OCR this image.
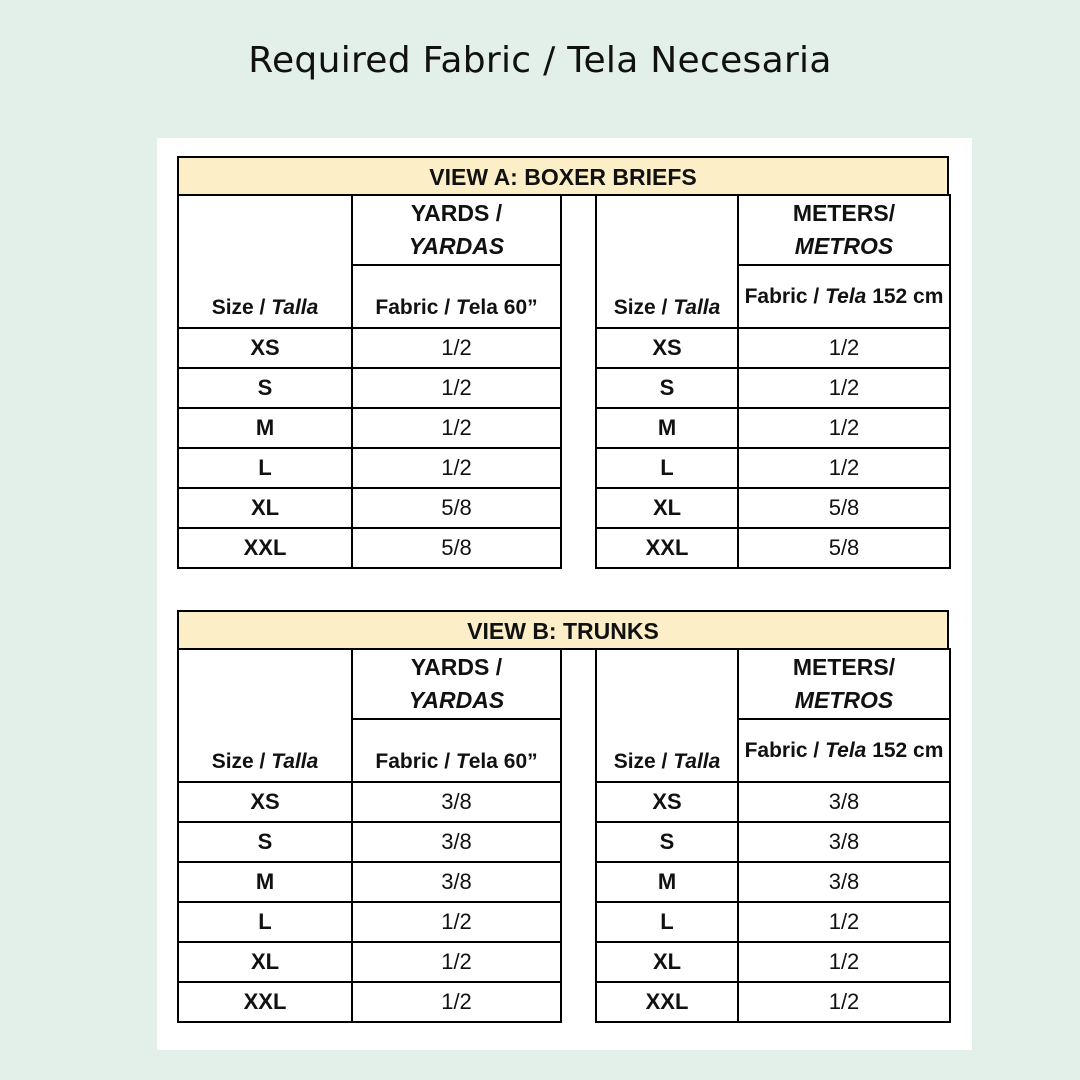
Required Fabric / Tela Necesaria
VIEW A: BOXER BRIEFS
	YARDS /
YARDAS
Size / Talla	Fabric / Tela 60”
XS	1/2
S	1/2
M	1/2
L	1/2
XL	5/8
XXL	5/8
	METERS/
METROS
Size / Talla	Fabric / Tela 152 cm
XS	1/2
S	1/2
M	1/2
L	1/2
XL	5/8
XXL	5/8
VIEW B: TRUNKS
	YARDS /
YARDAS
Size / Talla	Fabric / Tela 60”
XS	3/8
S	3/8
M	3/8
L	1/2
XL	1/2
XXL	1/2
	METERS/
METROS
Size / Talla	Fabric / Tela 152 cm
XS	3/8
S	3/8
M	3/8
L	1/2
XL	1/2
XXL	1/2
